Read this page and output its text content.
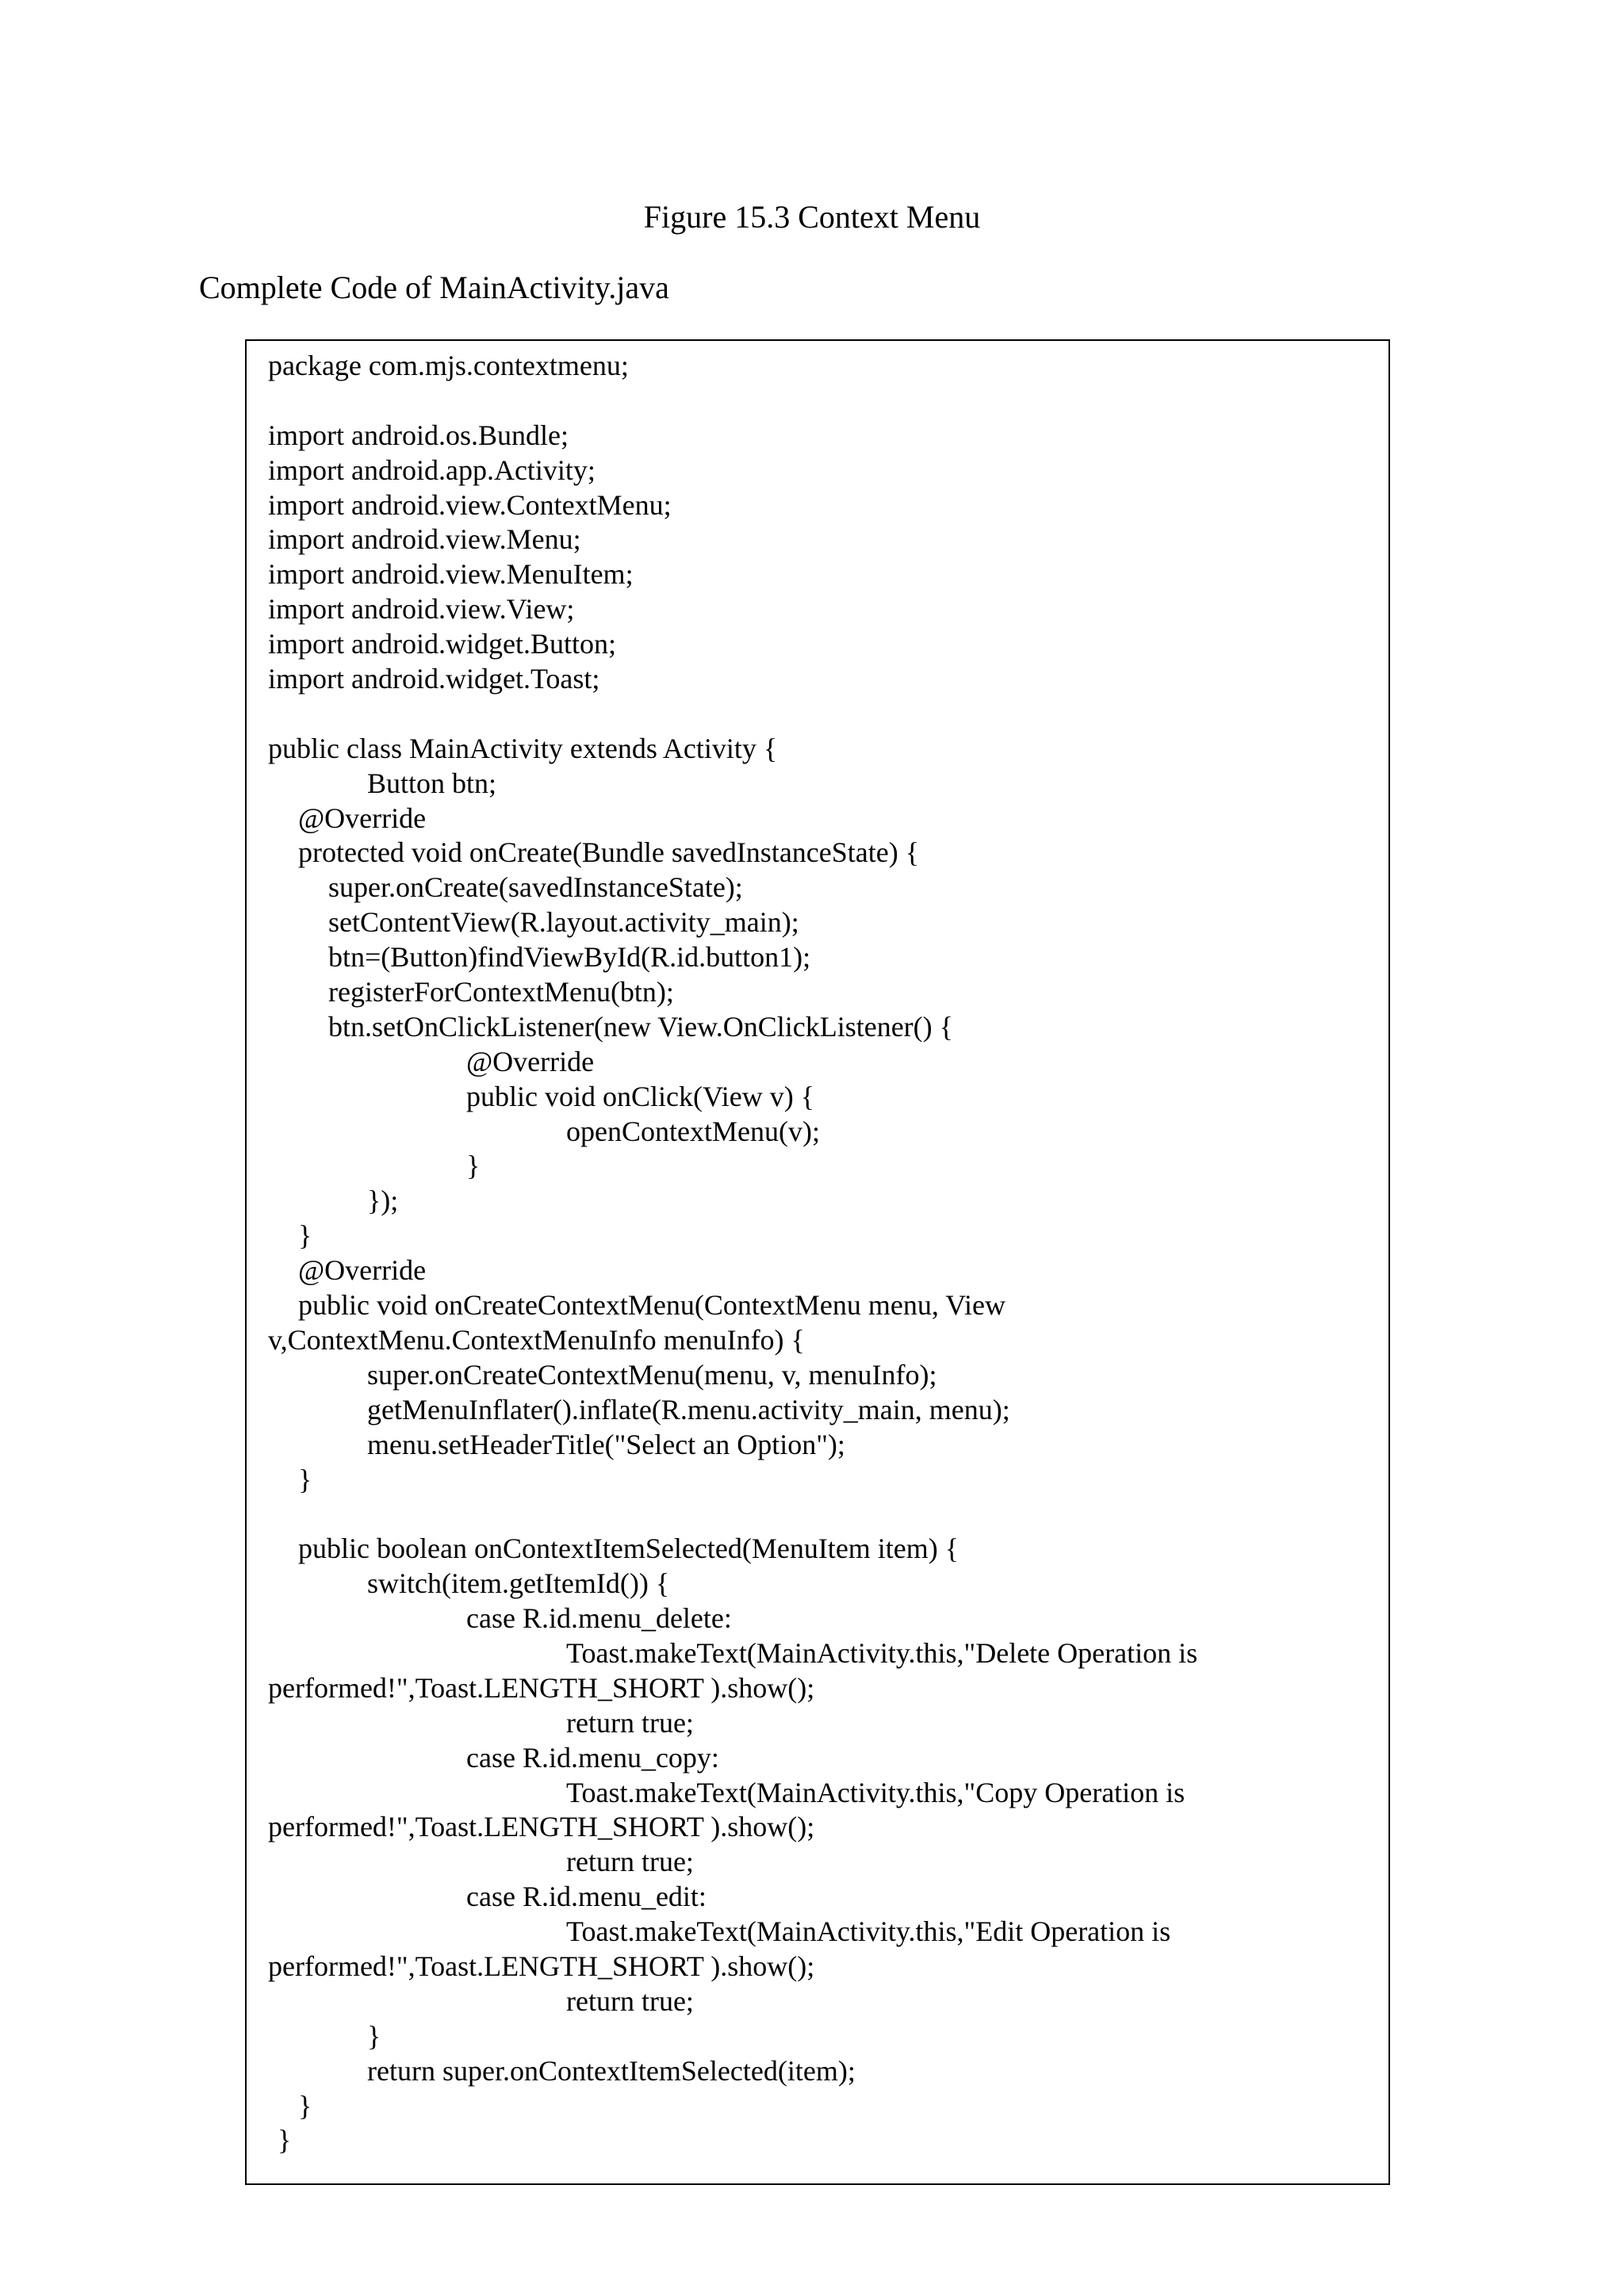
Figure 15.3 Context Menu
Complete Code of MainActivity.java
package com.mjs.contextmenu;
import android.os.Bundle;
import android.app.Activity;
import android.view.ContextMenu;
import android.view.Menu;
import android.view.MenuItem;
import android.view.View;
import android.widget.Button;
import android.widget.Toast;
public class MainActivity extends Activity {
Button btn;
@Override
protected void onCreate(Bundle savedInstanceState) {
super.onCreate(savedInstanceState);
setContentView(R.layout.activity_main);
btn=(Button)findViewById(R.id.button1);
registerForContextMenu(btn);
btn.setOnClickListener(new View.OnClickListener() {
@Override
public void onClick(View v) {
openContextMenu(v);
}
});
}
@Override
public void onCreateContextMenu(ContextMenu menu, View
v,ContextMenu.ContextMenuInfo menuInfo) {
super.onCreateContextMenu(menu, v, menuInfo);
getMenuInflater().inflate(R.menu.activity_main, menu);
menu.setHeaderTitle("Select an Option");
}
public boolean onContextItemSelected(MenuItem item) {
switch(item.getItemId()) {
case R.id.menu_delete:
Toast.makeText(MainActivity.this,"Delete Operation is
performed!",Toast.LENGTH_SHORT ).show();
return true;
case R.id.menu_copy:
Toast.makeText(MainActivity.this,"Copy Operation is
performed!",Toast.LENGTH_SHORT ).show();
return true;
case R.id.menu_edit:
Toast.makeText(MainActivity.this,"Edit Operation is
performed!",Toast.LENGTH_SHORT ).show();
return true;
}
return super.onContextItemSelected(item);
}
}
